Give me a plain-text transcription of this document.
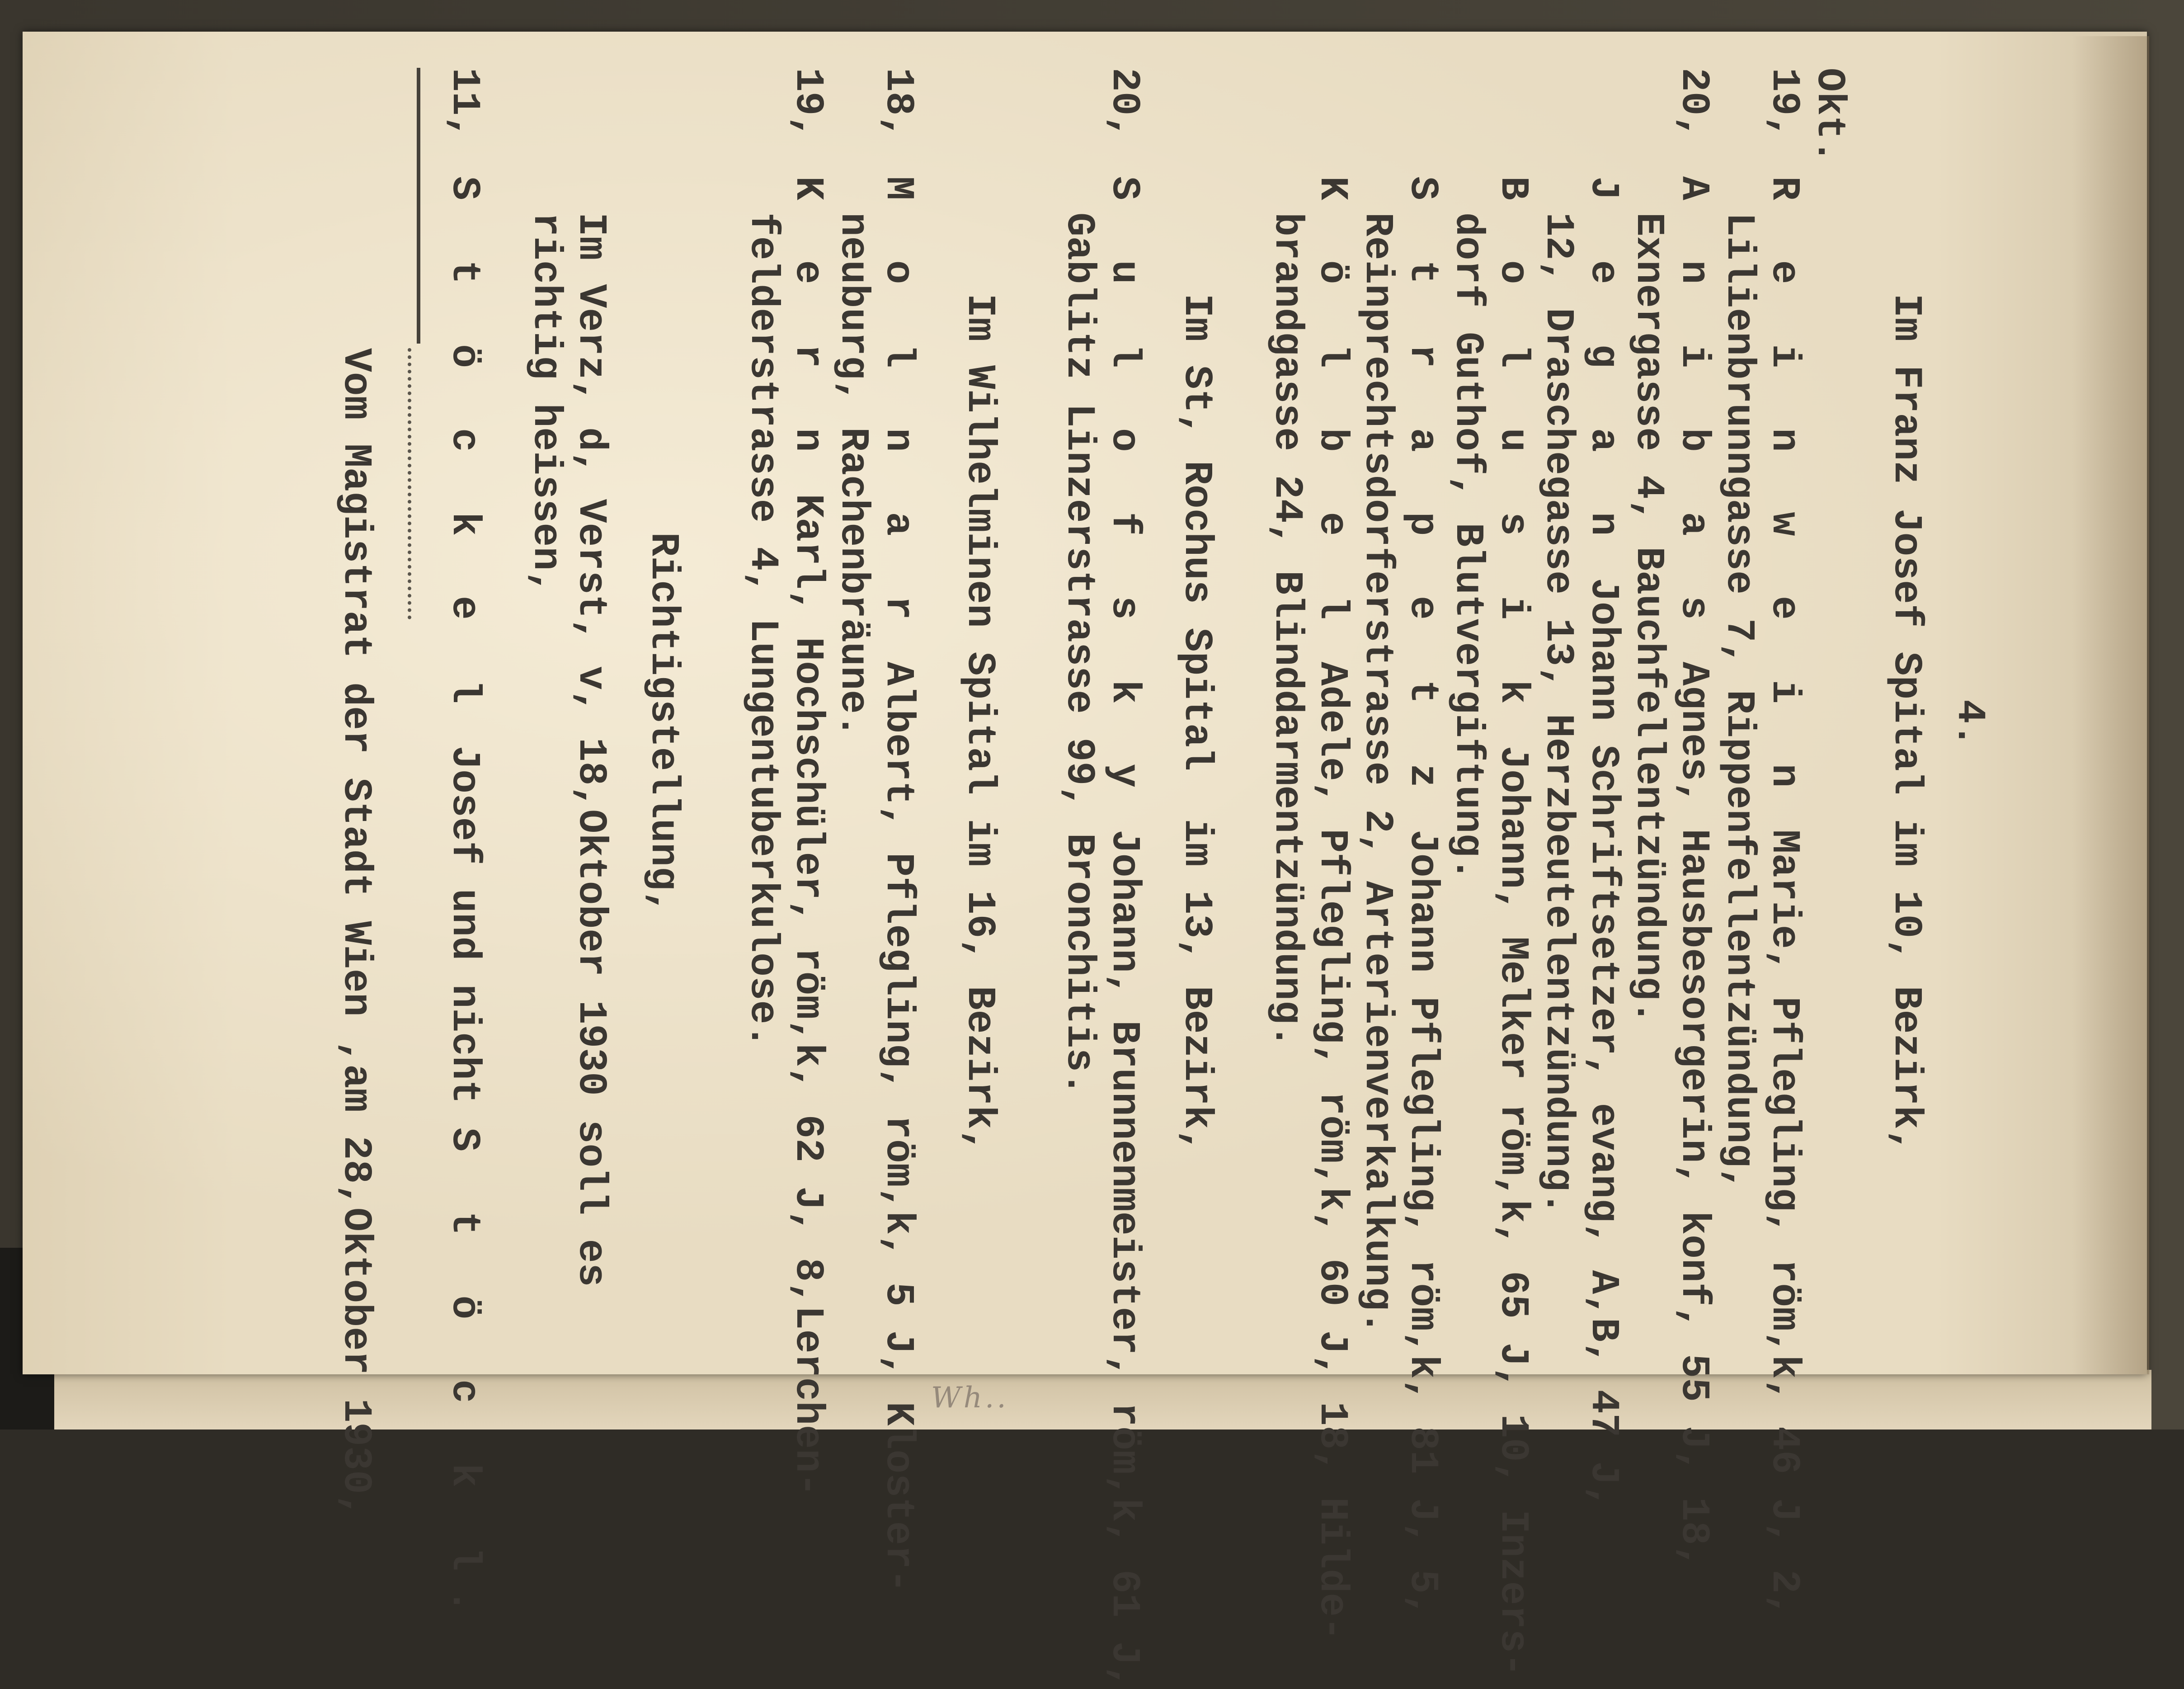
Wh..
4.
Im Franz Josef Spital im 10, Bezirk,
Okt.
19,
R e i n w e i n Marie, Pflegling, röm,k, 46 J, 2,
Lilienbrunngasse 7, Rippenfellentzündung,
20,
A n i b a s Agnes, Hausbesorgerin, konf, 55 J, 18,
Exnergasse 4, Bauchfellentzündung.
J e g a n Johann Schriftsetzer, evang, A,B, 47 J,
12, Draschegasse 13, Herzbeutelentzündung.
B o l u s i k Johann, Melker röm,k, 65 J, 10, Inzers-
dorf Guthof, Blutvergiftung.
S t r a p e t z Johann Pflegling, röm,k, 81 J, 5,
Reinprechtsdorferstrasse 2, Arterienverkalkung.
K ö l b e l Adele, Pflegling, röm,k, 60 J, 18, Hilde-
brandgasse 24, Blinddarmentzündung.
Im St, Rochus Spital  im 13, Bezirk,
20,
S u l o f s k y Johann, Brunnenmeister, röm,k, 61 J,
Gablitz Linzerstrasse 99, Bronchitis.
Im Wilhelminen Spital im 16, Bezirk,
18,
M o l n a r Albert, Pflegling, röm,k, 5 J, Kloster-
neuburg, Rachenbräune.
19,
K e r n Karl, Hochschüler, röm,k, 62 J, 8,Lerchen-
felderstrasse 4, Lungentuberkulose.
Richtigstellung,
Im Verz, d, Verst, v, 18,Oktober 1930 soll es
richtig heissen,
11,
S t ö c k e l Josef und nicht S t ö c k l.
Vom Magistrat der Stadt Wien ,am 28,Oktober 1930,
